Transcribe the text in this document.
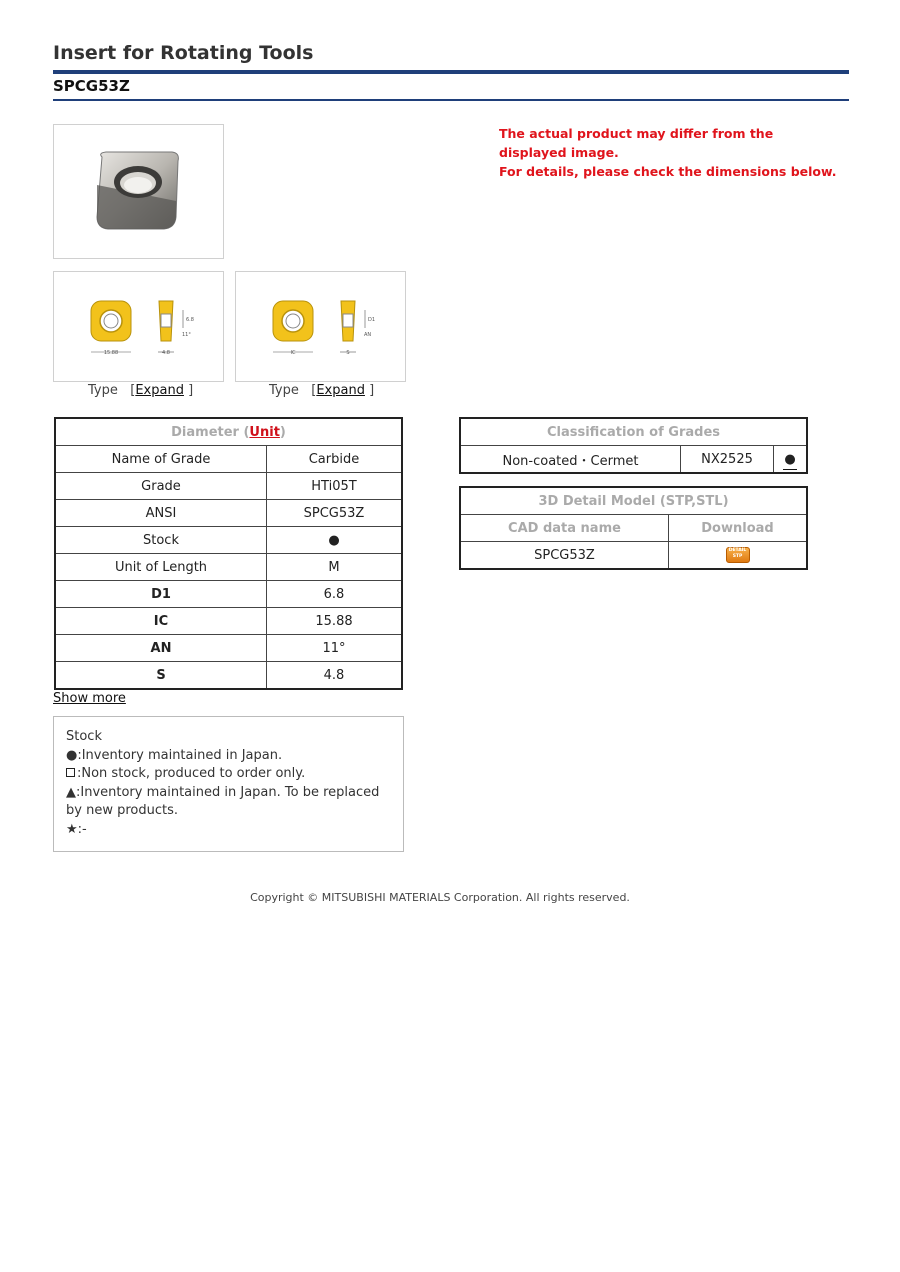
Insert for Rotating Tools
SPCG53Z
15.88	4.8
6.8
11°
IC	S
D1
AN
Type   [Expand ]	Type   [Expand ]

The actual product may differ from the displayed image.

For details, please check the dimensions below.

Diameter (Unit)	
Name of Grade	Carbide
Grade	HTi05T
ANSI	SPCG53Z
Stock	●
Unit of Length	M
D1	6.8
IC	15.88
AN	11°
S	4.8
Show more
Classification of Grades
Non-coated・Cermet	NX2525	●
3D Detail Model (STP,STL)	
CAD data name	Download
SPCG53Z	DETAIL
STP

Stock

●:Inventory maintained in Japan.

:Non stock, produced to order only.

▲:Inventory maintained in Japan. To be replaced by new products.

★:-

Copyright © MITSUBISHI MATERIALS Corporation. All rights reserved.
